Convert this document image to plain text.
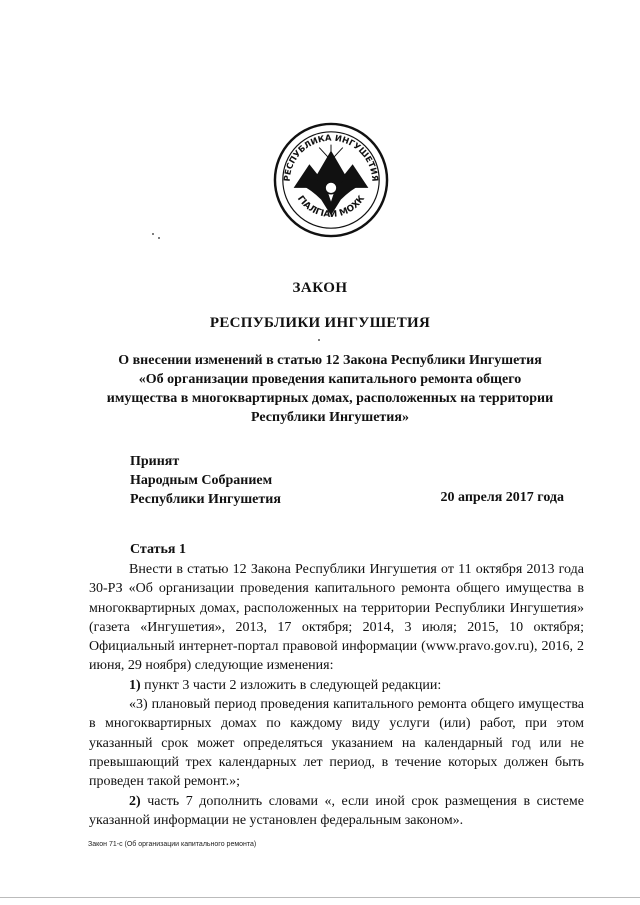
РЕСПУБЛИКА ИНГУШЕТИЯ
ГIАЛГIАЙ МОХК
ЗАКОН
РЕСПУБЛИКИ ИНГУШЕТИЯ
О внесении изменений в статью 12 Закона Республики Ингушетия
«Об организации проведения капитального ремонта общего
имущества в многоквартирных домах, расположенных на территории
Республики Ингушетия»
Принят
Народным Собранием
Республики Ингушетия	20 апреля 2017 года
Статья 1

Внести в статью 12 Закона Республики Ингушетия от 11 октября 2013 года 30-РЗ «Об организации проведения капитального ремонта общего имущества в многоквартирных домах, расположенных на территории Республики Ингушетия» (газета «Ингушетия», 2013, 17 октября; 2014, 3 июля; 2015, 10 октября; Официальный интернет-портал правовой информации (www.pravo.gov.ru), 2016, 2 июня, 29 ноября) следующие изменения:

1) пункт 3 части 2 изложить в следующей редакции:

«3) плановый период проведения капитального ремонта общего имущества в многоквартирных домах по каждому виду услуги (или) работ, при этом указанный срок может определяться указанием на календарный год или не превышающий трех календарных лет период, в течение которых должен быть проведен такой ремонт.»;

2) часть 7 дополнить словами «, если иной срок размещения в системе указанной информации не установлен федеральным законом».

Закон 71-с (Об организации капитального ремонта)
